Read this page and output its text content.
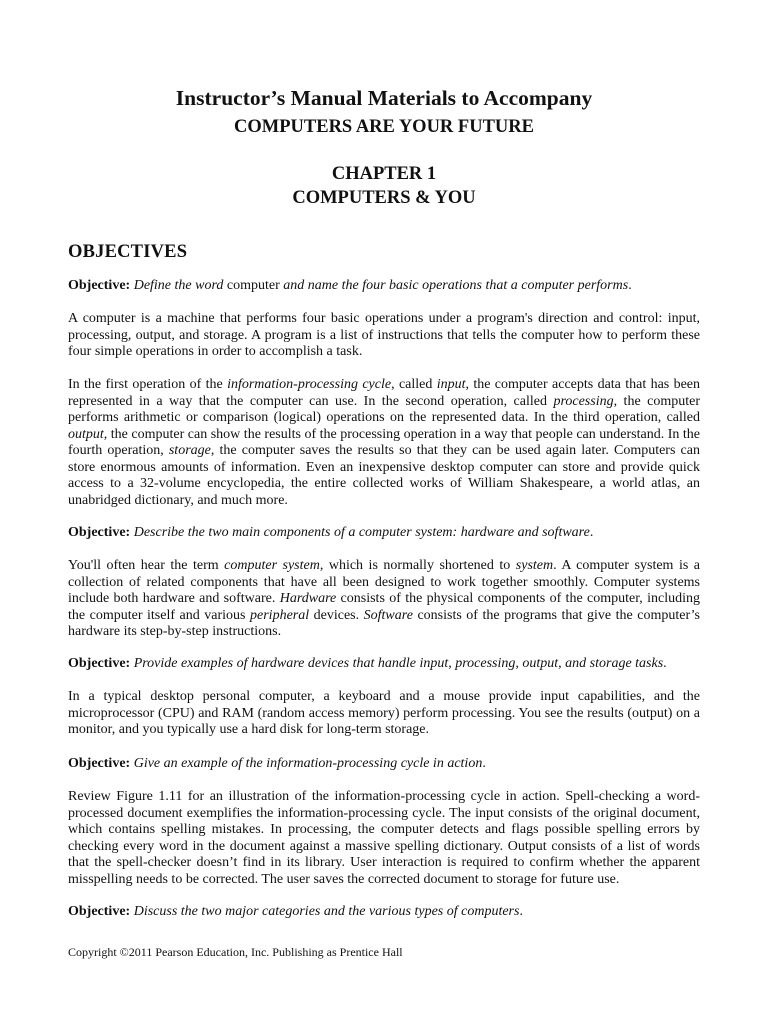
Instructor’s Manual Materials to Accompany
COMPUTERS ARE YOUR FUTURE
CHAPTER 1
COMPUTERS & YOU
OBJECTIVES

Objective: Define the word computer and name the four basic operations that a computer performs.

A computer is a machine that performs four basic operations under a program's direction and control: input, processing, output, and storage. A program is a list of instructions that tells the computer how to perform these four simple operations in order to accomplish a task.

In the first operation of the information-processing cycle, called input, the computer accepts data that has been represented in a way that the computer can use. In the second operation, called processing, the computer performs arithmetic or comparison (logical) operations on the represented data. In the third operation, called output, the computer can show the results of the processing operation in a way that people can understand. In the fourth operation, storage, the computer saves the results so that they can be used again later. Computers can store enormous amounts of information. Even an inexpensive desktop computer can store and provide quick access to a 32-volume encyclopedia, the entire collected works of William Shakespeare, a world atlas, an unabridged dictionary, and much more.

Objective: Describe the two main components of a computer system: hardware and software.

You'll often hear the term computer system, which is normally shortened to system. A computer system is a collection of related components that have all been designed to work together smoothly. Computer systems include both hardware and software. Hardware consists of the physical components of the computer, including the computer itself and various peripheral devices. Software consists of the programs that give the computer’s hardware its step-by-step instructions.

Objective: Provide examples of hardware devices that handle input, processing, output, and storage tasks.

In a typical desktop personal computer, a keyboard and a mouse provide input capabilities, and the microprocessor (CPU) and RAM (random access memory) perform processing. You see the results (output) on a monitor, and you typically use a hard disk for long-term storage.

Objective: Give an example of the information-processing cycle in action.

Review Figure 1.11 for an illustration of the information-processing cycle in action. Spell-checking a word-processed document exemplifies the information-processing cycle. The input consists of the original document, which contains spelling mistakes. In processing, the computer detects and flags possible spelling errors by checking every word in the document against a massive spelling dictionary. Output consists of a list of words that the spell-checker doesn’t find in its library. User interaction is required to confirm whether the apparent misspelling needs to be corrected. The user saves the corrected document to storage for future use.

Objective: Discuss the two major categories and the various types of computers.

Copyright ©2011 Pearson Education, Inc. Publishing as Prentice Hall
